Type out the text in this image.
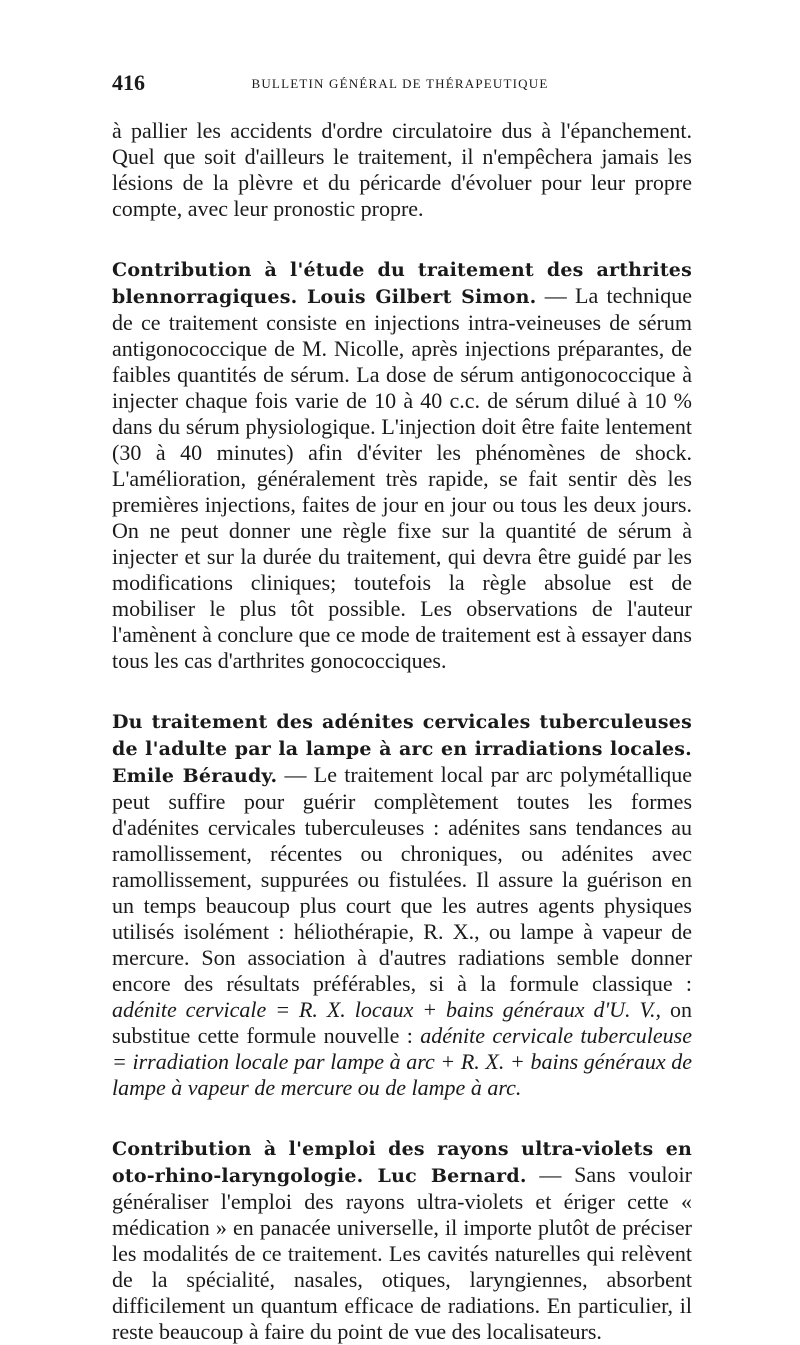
416	BULLETIN GÉNÉRAL DE THÉRAPEUTIQUE

à pallier les accidents d'ordre circulatoire dus à l'épanchement. Quel que soit d'ailleurs le traitement, il n'empêchera jamais les lésions de la plèvre et du péricarde d'évoluer pour leur propre compte, avec leur pronostic propre.

Contribution à l'étude du traitement des arthrites blennorragiques. Louis Gilbert Simon. — La technique de ce traitement consiste en injections intra-veineuses de sérum antigonococcique de M. Nicolle, après injections préparantes, de faibles quantités de sérum. La dose de sérum antigonococcique à injecter chaque fois varie de 10 à 40 c.c. de sérum dilué à 10 % dans du sérum physiologique. L'injection doit être faite lentement (30 à 40 minutes) afin d'éviter les phénomènes de shock. L'amélioration, généralement très rapide, se fait sentir dès les premières injections, faites de jour en jour ou tous les deux jours. On ne peut donner une règle fixe sur la quantité de sérum à injecter et sur la durée du traitement, qui devra être guidé par les modifications cliniques; toutefois la règle absolue est de mobiliser le plus tôt possible. Les observations de l'auteur l'amènent à conclure que ce mode de traitement est à essayer dans tous les cas d'arthrites gonococciques.

Du traitement des adénites cervicales tuberculeuses de l'adulte par la lampe à arc en irradiations locales. Emile Béraudy. — Le traitement local par arc polymétallique peut suffire pour guérir complètement toutes les formes d'adénites cervicales tuberculeuses : adénites sans tendances au ramollissement, récentes ou chroniques, ou adénites avec ramollissement, suppurées ou fistulées. Il assure la guérison en un temps beaucoup plus court que les autres agents physiques utilisés isolément : héliothérapie, R. X., ou lampe à vapeur de mercure. Son association à d'autres radiations semble donner encore des résultats préférables, si à la formule classique : adénite cervicale = R. X. locaux + bains généraux d'U. V., on substitue cette formule nouvelle : adénite cervicale tuberculeuse = irradiation locale par lampe à arc + R. X. + bains généraux de lampe à vapeur de mercure ou de lampe à arc.

Contribution à l'emploi des rayons ultra-violets en oto-rhino-laryngologie. Luc Bernard. — Sans vouloir généraliser l'emploi des rayons ultra-violets et ériger cette « médication » en panacée universelle, il importe plutôt de préciser les modalités de ce traitement. Les cavités naturelles qui relèvent de la spécialité, nasales, otiques, laryngiennes, absorbent difficilement un quantum efficace de radiations. En particulier, il reste beaucoup à faire du point de vue des localisateurs.
